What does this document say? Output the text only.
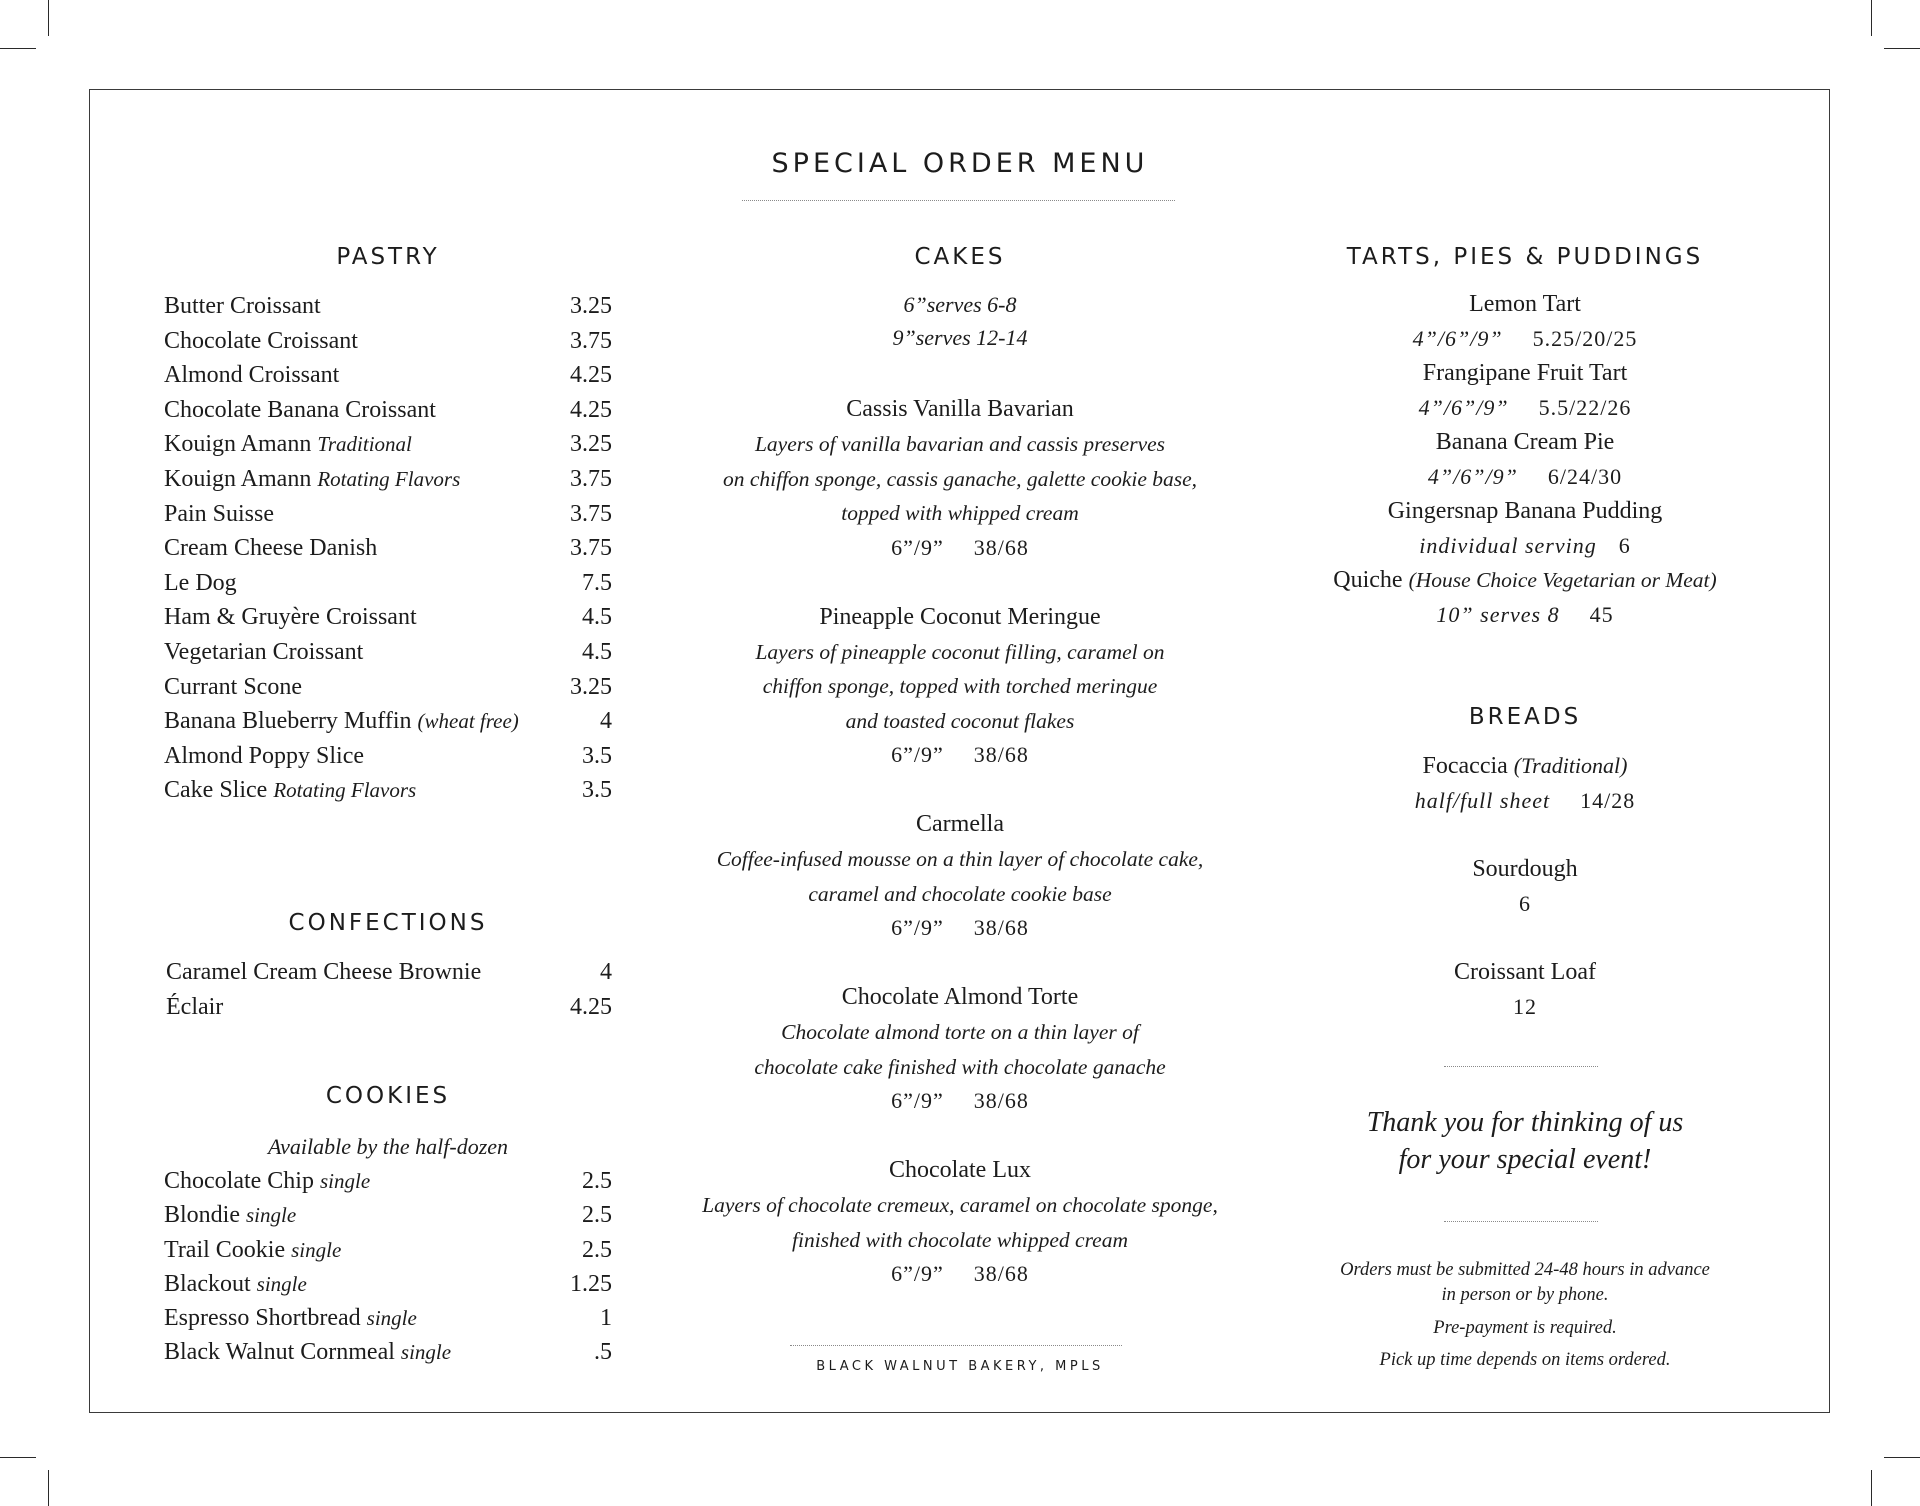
SPECIAL ORDER MENU
PASTRY
Butter Croissant	3.25
Chocolate Croissant	3.75
Almond Croissant	4.25
Chocolate Banana Croissant	4.25
Kouign Amann Traditional	3.25
Kouign Amann Rotating Flavors	3.75
Pain Suisse	3.75
Cream Cheese Danish	3.75
Le Dog	7.5
Ham & Gruyère Croissant	4.5
Vegetarian Croissant	4.5
Currant Scone	3.25
Banana Blueberry Muffin (wheat free)	4
Almond Poppy Slice	3.5
Cake Slice Rotating Flavors	3.5
CONFECTIONS
Caramel Cream Cheese Brownie	4
Éclair	4.25
COOKIES
Available by the half-dozen
Chocolate Chip single	2.5
Blondie single	2.5
Trail Cookie single	2.5
Blackout single	1.25
Espresso Shortbread single	1
Black Walnut Cornmeal single	.5
CAKES
6”serves 6-8
9”serves 12-14
Cassis Vanilla Bavarian
Layers of vanilla bavarian and cassis preserves
on chiffon sponge, cassis ganache, galette cookie base,
topped with whipped cream
6”/9” 38/68
Pineapple Coconut Meringue
Layers of pineapple coconut filling, caramel on
chiffon sponge, topped with torched meringue
and toasted coconut flakes
6”/9” 38/68
Carmella
Coffee-infused mousse on a thin layer of chocolate cake,
caramel and chocolate cookie base
6”/9” 38/68
Chocolate Almond Torte
Chocolate almond torte on a thin layer of
chocolate cake finished with chocolate ganache
6”/9” 38/68
Chocolate Lux
Layers of chocolate cremeux, caramel on chocolate sponge,
finished with chocolate whipped cream
6”/9” 38/68
BLACK WALNUT BAKERY, MPLS
TARTS, PIES & PUDDINGS
Lemon Tart
4”/6”/9” 5.25/20/25
Frangipane Fruit Tart
4”/6”/9” 5.5/22/26
Banana Cream Pie
4”/6”/9” 6/24/30
Gingersnap Banana Pudding
individual serving 6
Quiche (House Choice Vegetarian or Meat)
10” serves 8 45
BREADS
Focaccia (Traditional)
half/full sheet 14/28
Sourdough
6
Croissant Loaf
12
Thank you for thinking of us
for your special event!
Orders must be submitted 24-48 hours in advance
in person or by phone.
Pre-payment is required.
Pick up time depends on items ordered.
